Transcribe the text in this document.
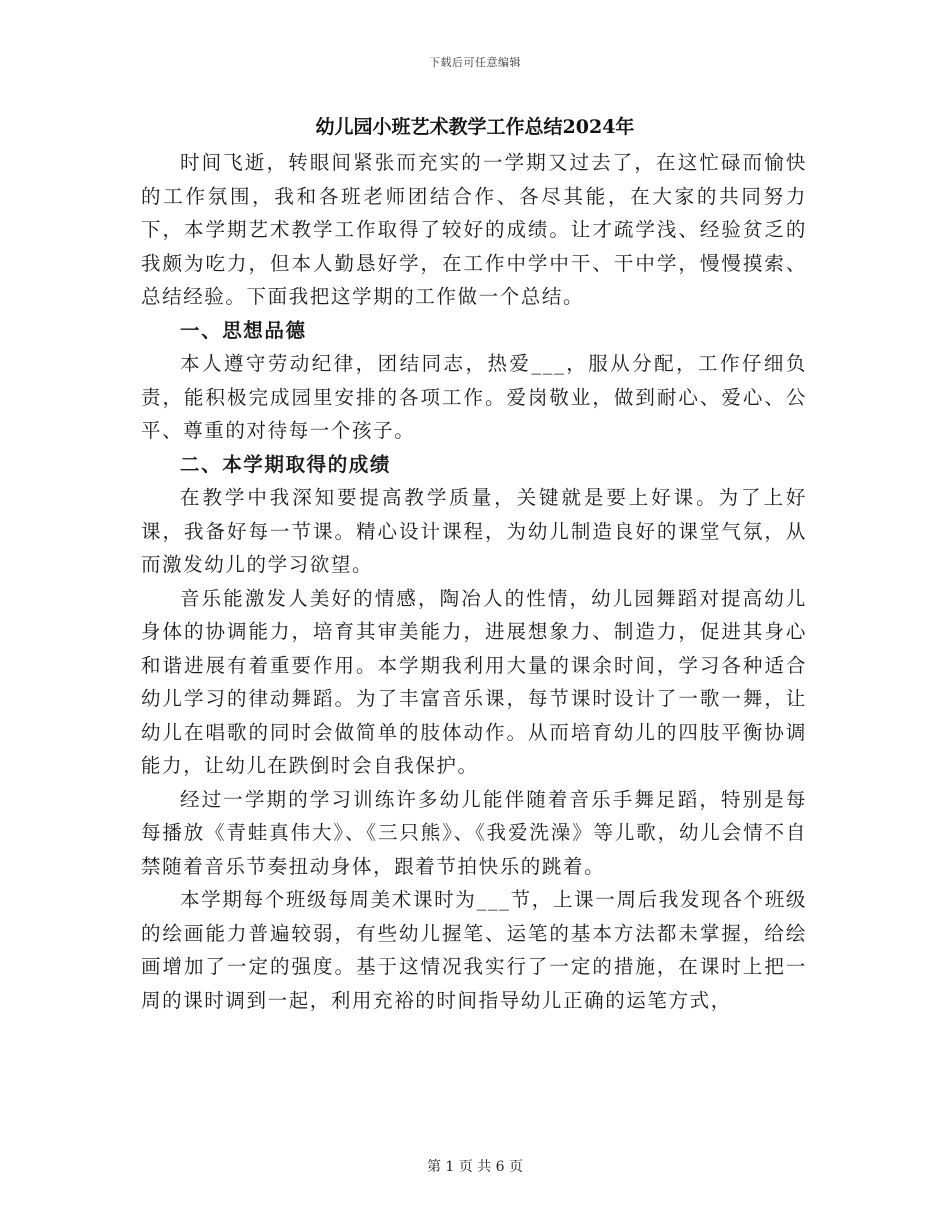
下载后可任意编辑
幼儿园小班艺术教学工作总结2024年

时间飞逝，转眼间紧张而充实的一学期又过去了，在这忙碌而愉快的工作氛围，我和各班老师团结合作、各尽其能，在大家的共同努力下，本学期艺术教学工作取得了较好的成绩。让才疏学浅、经验贫乏的我颇为吃力，但本人勤恳好学，在工作中学中干、干中学，慢慢摸索、总结经验。下面我把这学期的工作做一个总结。

一、思想品德

本人遵守劳动纪律，团结同志，热爱___，服从分配，工作仔细负责，能积极完成园里安排的各项工作。爱岗敬业，做到耐心、爱心、公平、尊重的对待每一个孩子。

二、本学期取得的成绩

在教学中我深知要提高教学质量，关键就是要上好课。为了上好课，我备好每一节课。精心设计课程，为幼儿制造良好的课堂气氛，从而激发幼儿的学习欲望。

音乐能激发人美好的情感，陶冶人的性情，幼儿园舞蹈对提高幼儿身体的协调能力，培育其审美能力，进展想象力、制造力，促进其身心和谐进展有着重要作用。本学期我利用大量的课余时间，学习各种适合幼儿学习的律动舞蹈。为了丰富音乐课，每节课时设计了一歌一舞，让幼儿在唱歌的同时会做简单的肢体动作。从而培育幼儿的四肢平衡协调能力，让幼儿在跌倒时会自我保护。

经过一学期的学习训练许多幼儿能伴随着音乐手舞足蹈，特别是每每播放《青蛙真伟大》、《三只熊》、《我爱洗澡》等儿歌，幼儿会情不自禁随着音乐节奏扭动身体，跟着节拍快乐的跳着。

本学期每个班级每周美术课时为___节，上课一周后我发现各个班级的绘画能力普遍较弱，有些幼儿握笔、运笔的基本方法都未掌握，给绘画增加了一定的强度。基于这情况我实行了一定的措施，在课时上把一周的课时调到一起，利用充裕的时间指导幼儿正确的运笔方式，

第 1 页 共 6 页
